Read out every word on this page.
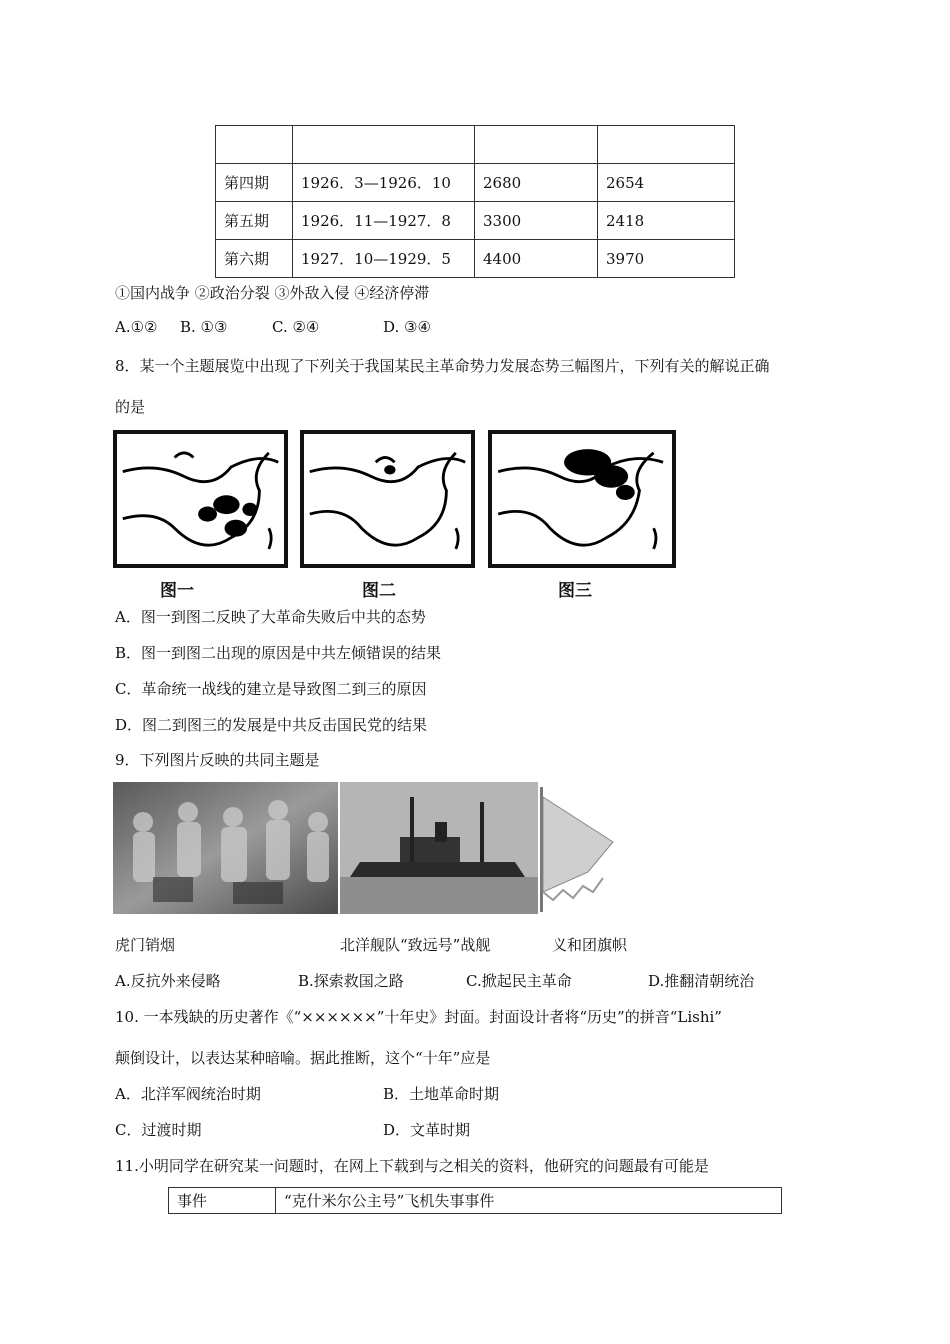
第四期	1926．3—1926．10	2680	2654
第五期	1926．11—1927．8	3300	2418
第六期	1927．10—1929．5	4400	3970
①国内战争 ②政治分裂 ③外敌入侵 ④经济停滞
A.①② B. ①③	C. ②④	D. ③④
8．某一个主题展览中出现了下列关于我国某民主革命势力发展态势三幅图片，下列有关的解说正确
的是
图一	图二	图三
A．图一到图二反映了大革命失败后中共的态势
B．图一到图二出现的原因是中共左倾错误的结果
C．革命统一战线的建立是导致图二到三的原因
D．图二到图三的发展是中共反击国民党的结果
9．下列图片反映的共同主题是
虎门销烟	北洋舰队“致远号”战舰	义和团旗帜
A.反抗外来侵略	B.探索救国之路	C.掀起民主革命	D.推翻清朝统治
10. 一本残缺的历史著作《“××××××”十年史》封面。封面设计者将“历史”的拼音“Lishi”
颠倒设计，以表达某种暗喻。据此推断，这个“十年”应是
A．北洋军阀统治时期	B．土地革命时期
C．过渡时期	D．文革时期
11.小明同学在研究某一问题时，在网上下载到与之相关的资料，他研究的问题最有可能是
事件	“克什米尔公主号”飞机失事事件
